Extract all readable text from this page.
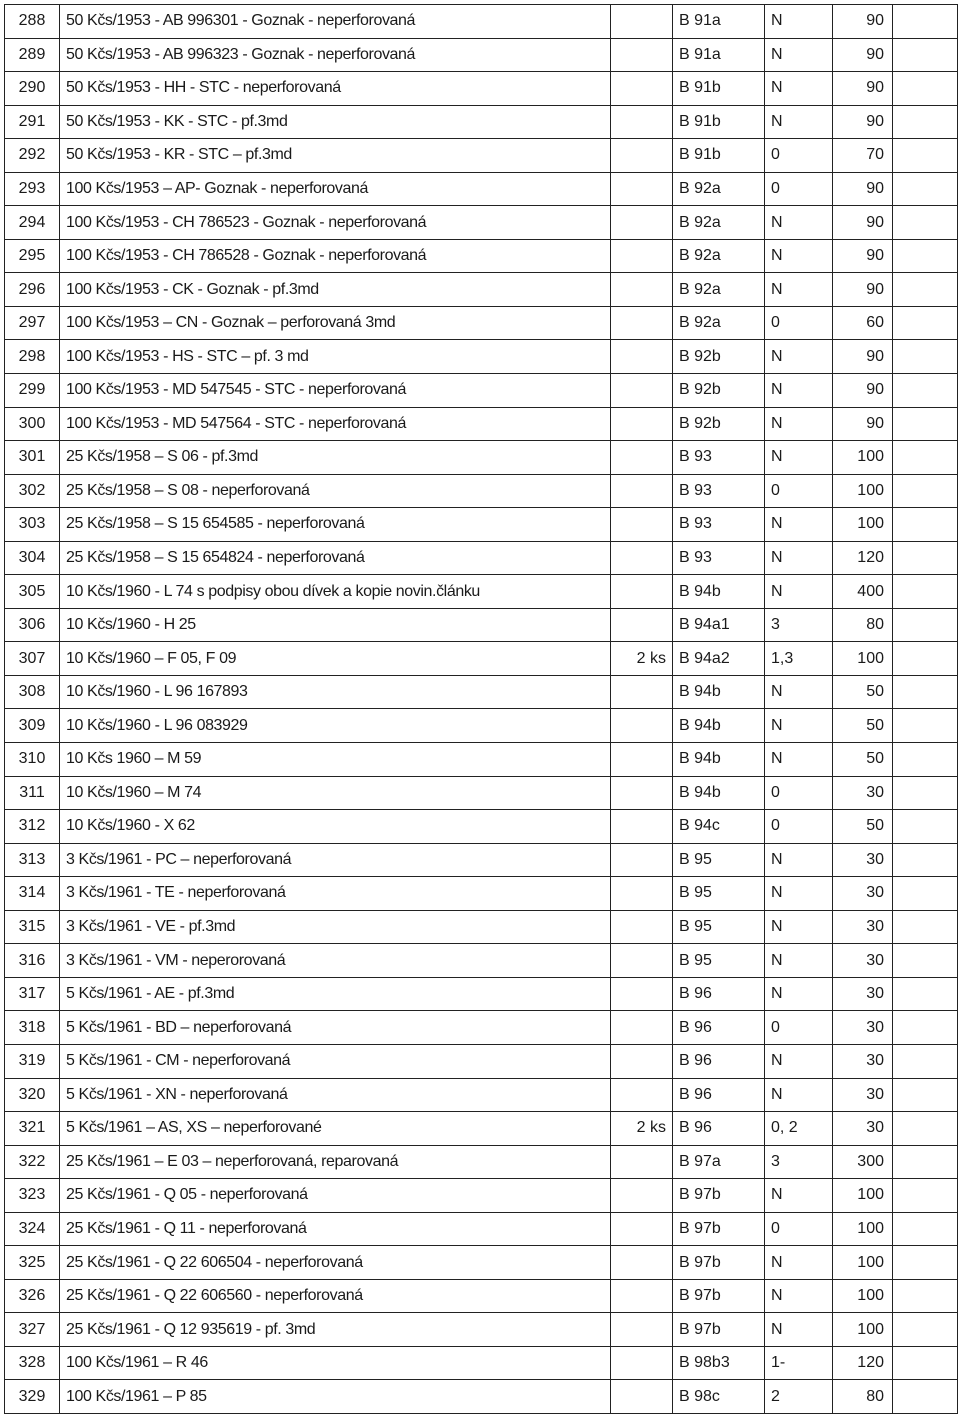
288	50 Kčs/1953 - AB 996301 - Goznak - neperforovaná		B 91a	N	90	
289	50 Kčs/1953 - AB 996323 - Goznak - neperforovaná		B 91a	N	90	
290	50 Kčs/1953 - HH - STC - neperforovaná		B 91b	N	90	
291	50 Kčs/1953 - KK - STC - pf.3md		B 91b	N	90	
292	50 Kčs/1953 - KR - STC – pf.3md		B 91b	0	70	
293	100 Kčs/1953 – AP- Goznak - neperforovaná		B 92a	0	90	
294	100 Kčs/1953 - CH 786523 - Goznak - neperforovaná		B 92a	N	90	
295	100 Kčs/1953 - CH 786528 - Goznak - neperforovaná		B 92a	N	90	
296	100 Kčs/1953 - CK - Goznak - pf.3md		B 92a	N	90	
297	100 Kčs/1953 – CN - Goznak – perforovaná 3md		B 92a	0	60	
298	100 Kčs/1953 - HS - STC – pf. 3 md		B 92b	N	90	
299	100 Kčs/1953 - MD 547545 - STC - neperforovaná		B 92b	N	90	
300	100 Kčs/1953 - MD 547564 - STC - neperforovaná		B 92b	N	90	
301	25 Kčs/1958 – S 06 - pf.3md		B 93	N	100	
302	25 Kčs/1958 – S 08 - neperforovaná		B 93	0	100	
303	25 Kčs/1958 – S 15 654585 - neperforovaná		B 93	N	100	
304	25 Kčs/1958 – S 15 654824 - neperforovaná		B 93	N	120	
305	10 Kčs/1960 - L 74 s podpisy obou dívek a kopie novin.článku		B 94b	N	400	
306	10 Kčs/1960 - H 25		B 94a1	3	80	
307	10 Kčs/1960 – F 05, F 09	2 ks	B 94a2	1,3	100	
308	10 Kčs/1960 - L 96 167893		B 94b	N	50	
309	10 Kčs/1960 - L 96 083929		B 94b	N	50	
310	10 Kčs 1960 – M 59		B 94b	N	50	
311	10 Kčs/1960 – M 74		B 94b	0	30	
312	10 Kčs/1960 - X 62		B 94c	0	50	
313	3 Kčs/1961 - PC – neperforovaná		B 95	N	30	
314	3 Kčs/1961 - TE - neperforovaná		B 95	N	30	
315	3 Kčs/1961 - VE - pf.3md		B 95	N	30	
316	3 Kčs/1961 - VM - neperorovaná		B 95	N	30	
317	5 Kčs/1961 - AE - pf.3md		B 96	N	30	
318	5 Kčs/1961 - BD – neperforovaná		B 96	0	30	
319	5 Kčs/1961 - CM - neperforovaná		B 96	N	30	
320	5 Kčs/1961 - XN - neperforovaná		B 96	N	30	
321	5 Kčs/1961 – AS, XS – neperforované	2 ks	B 96	0, 2	30	
322	25 Kčs/1961 – E 03 – neperforovaná, reparovaná		B 97a	3	300	
323	25 Kčs/1961 - Q 05 - neperforovaná		B 97b	N	100	
324	25 Kčs/1961 - Q 11 - neperforovaná		B 97b	0	100	
325	25 Kčs/1961 - Q 22 606504 - neperforovaná		B 97b	N	100	
326	25 Kčs/1961 - Q 22 606560 - neperforovaná		B 97b	N	100	
327	25 Kčs/1961 - Q 12 935619 - pf. 3md		B 97b	N	100	
328	100 Kčs/1961 – R 46		B 98b3	1-	120	
329	100 Kčs/1961 – P 85		B 98c	2	80	
